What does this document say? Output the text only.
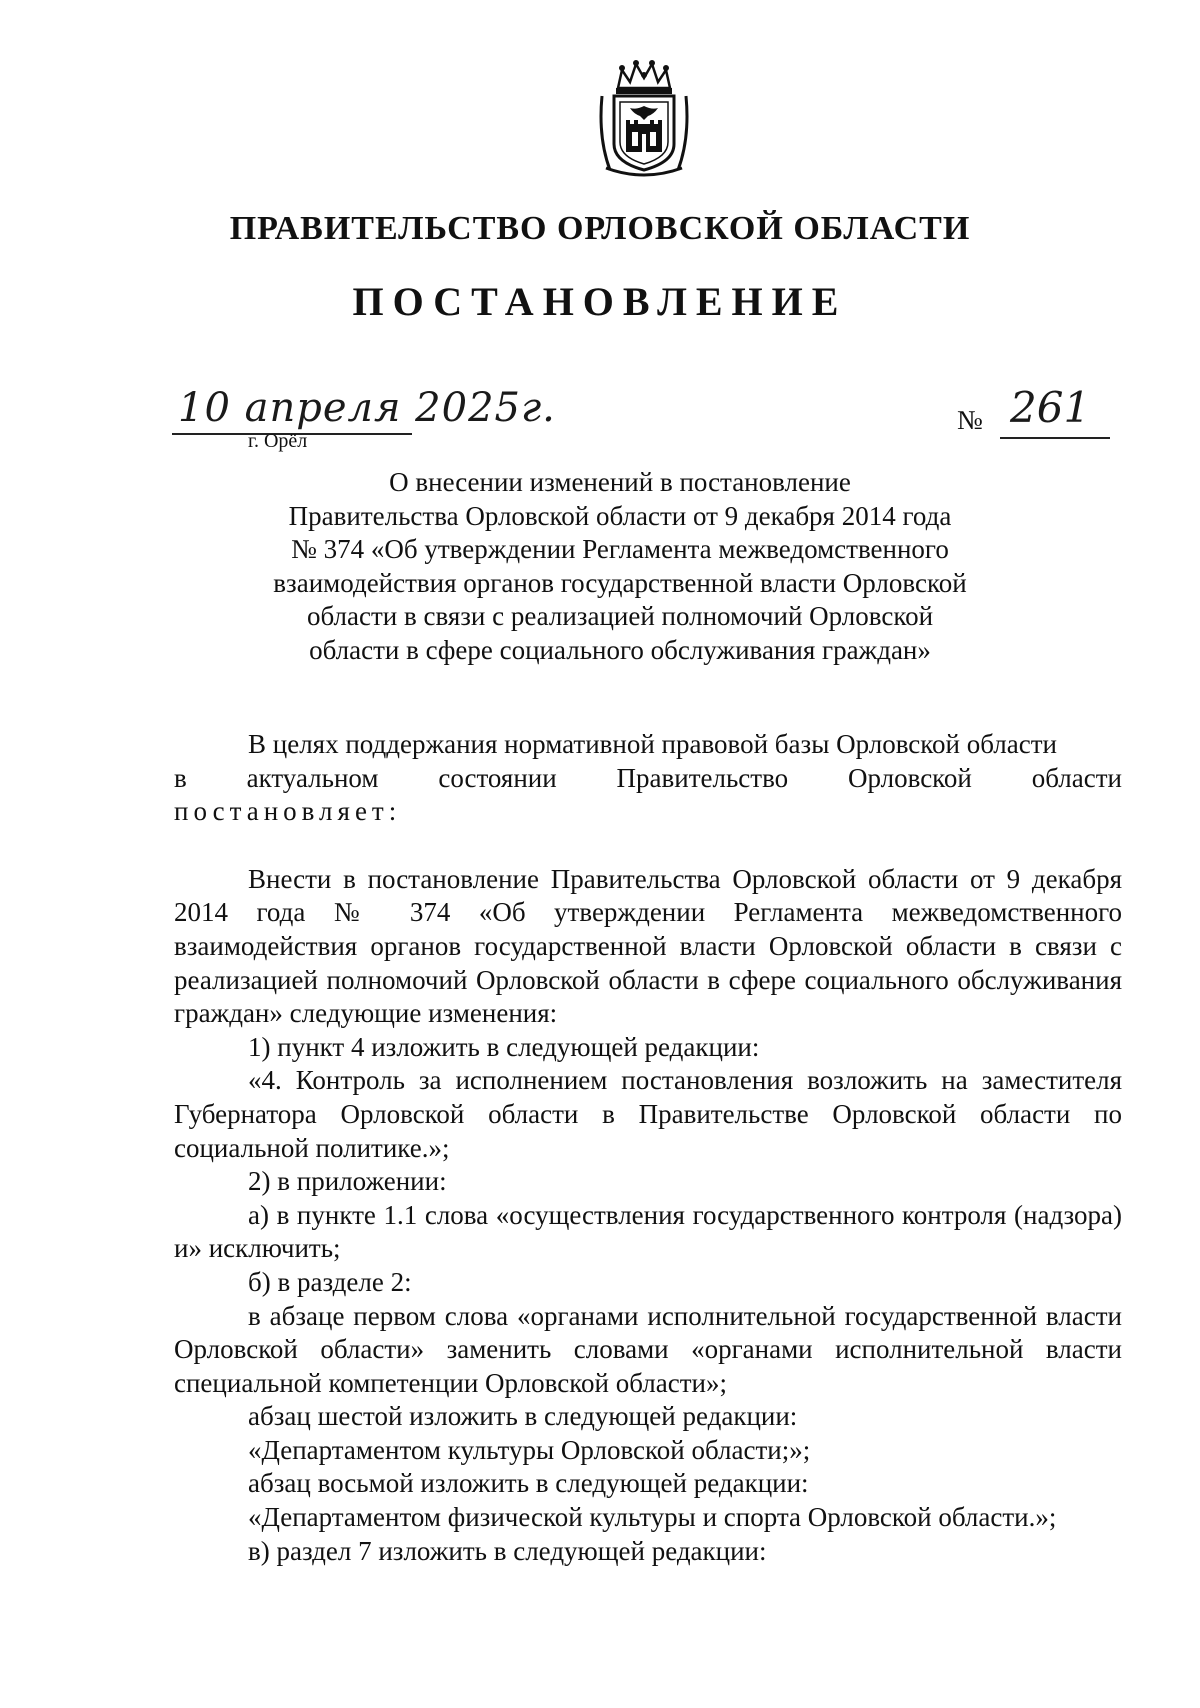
ПРАВИТЕЛЬСТВО ОРЛОВСКОЙ ОБЛАСТИ
ПОСТАНОВЛЕНИЕ
10 апреля 2025г.
г. Орёл
№ 261
О внесении изменений в постановление
Правительства Орловской области от 9 декабря 2014 года
№ 374 «Об утверждении Регламента межведомственного
взаимодействия органов государственной власти Орловской
области в связи с реализацией полномочий Орловской
области в сфере социального обслуживания граждан»

В целях поддержания нормативной правовой базы Орловской области

в актуальном состоянии Правительство Орловской области

постановляет:

Внести в постановление Правительства Орловской области от 9 декабря 2014 года № 374 «Об утверждении Регламента межведомственного взаимодействия органов государственной власти Орловской области в связи с реализацией полномочий Орловской области в сфере социального обслуживания граждан» следующие изменения:

1) пункт 4 изложить в следующей редакции:

«4. Контроль за исполнением постановления возложить на заместителя Губернатора Орловской области в Правительстве Орловской области по социальной политике.»;

2) в приложении:

а) в пункте 1.1 слова «осуществления государственного контроля (надзора) и» исключить;

б) в разделе 2:

в абзаце первом слова «органами исполнительной государственной власти Орловской области» заменить словами «органами исполнительной власти специальной компетенции Орловской области»;

абзац шестой изложить в следующей редакции:

«Департаментом культуры Орловской области;»;

абзац восьмой изложить в следующей редакции:

«Департаментом физической культуры и спорта Орловской области.»;

в) раздел 7 изложить в следующей редакции:
